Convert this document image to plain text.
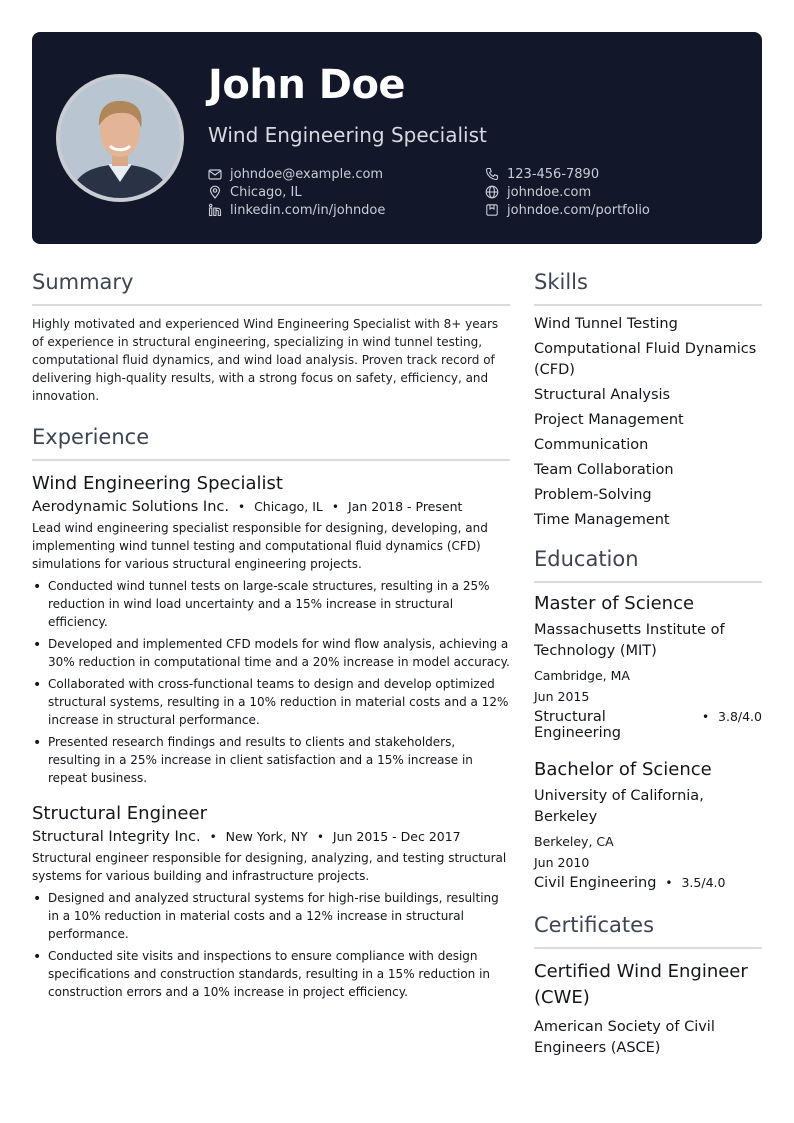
John Doe
Wind Engineering Specialist
johndoe@example.com	123-456-7890
Chicago, IL	johndoe.com
linkedin.com/in/johndoe	johndoe.com/portfolio
Summary

Highly motivated and experienced Wind Engineering Specialist with 8+ years of experience in structural engineering, specializing in wind tunnel testing, computational fluid dynamics, and wind load analysis. Proven track record of delivering high-quality results, with a strong focus on safety, efficiency, and innovation.

Experience
Wind Engineering Specialist
Aerodynamic Solutions Inc. • Chicago, IL • Jan 2018 - Present

Lead wind engineering specialist responsible for designing, developing, and implementing wind tunnel testing and computational fluid dynamics (CFD) simulations for various structural engineering projects.

• Conducted wind tunnel tests on large-scale structures, resulting in a 25% reduction in wind load uncertainty and a 15% increase in structural efficiency.
• Developed and implemented CFD models for wind flow analysis, achieving a 30% reduction in computational time and a 20% increase in model accuracy.
• Collaborated with cross-functional teams to design and develop optimized structural systems, resulting in a 10% reduction in material costs and a 12% increase in structural performance.
• Presented research findings and results to clients and stakeholders, resulting in a 25% increase in client satisfaction and a 15% increase in repeat business.
Structural Engineer
Structural Integrity Inc. • New York, NY • Jun 2015 - Dec 2017

Structural engineer responsible for designing, analyzing, and testing structural systems for various building and infrastructure projects.

• Designed and analyzed structural systems for high-rise buildings, resulting in a 10% reduction in material costs and a 12% increase in structural performance.
• Conducted site visits and inspections to ensure compliance with design specifications and construction standards, resulting in a 15% reduction in construction errors and a 10% increase in project efficiency.
Skills
Wind Tunnel Testing
Computational Fluid Dynamics (CFD)
Structural Analysis
Project Management
Communication
Team Collaboration
Problem-Solving
Time Management
Education
Master of Science
Massachusetts Institute of Technology (MIT)
Cambridge, MA
Jun 2015
Structural Engineering
• 3.8/4.0
Bachelor of Science
University of California, Berkeley
Berkeley, CA
Jun 2010
Civil Engineering • 3.5/4.0
Certificates
Certified Wind Engineer (CWE)
American Society of Civil Engineers (ASCE)
